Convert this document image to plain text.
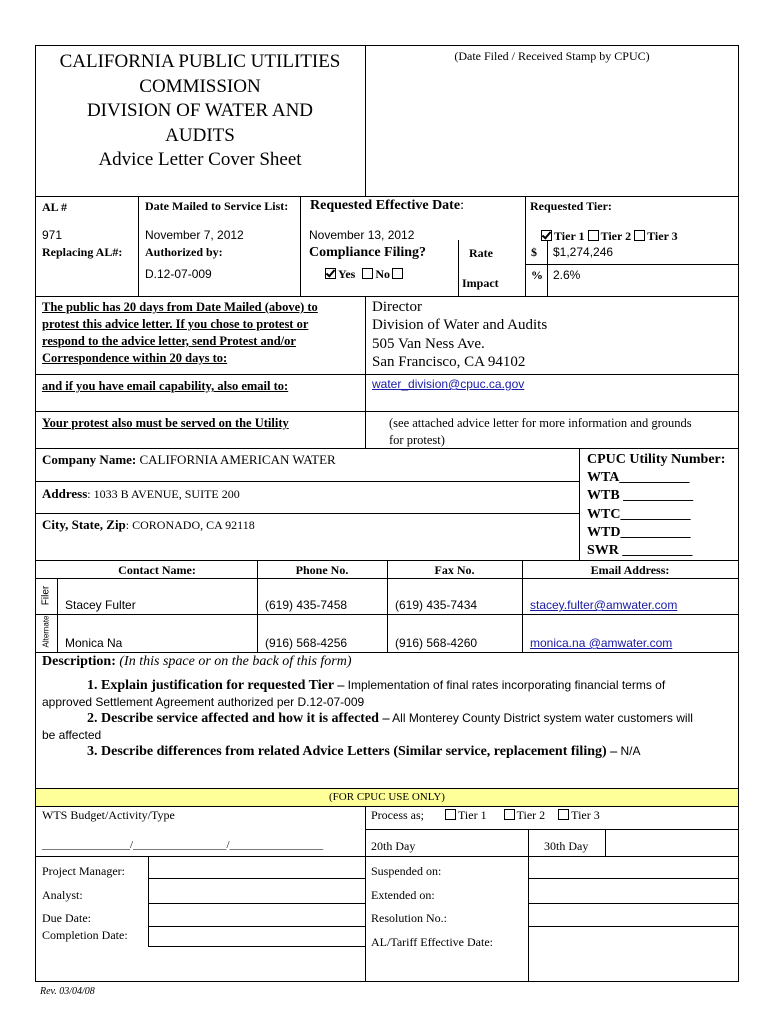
CALIFORNIA PUBLIC UTILITIES
COMMISSION
DIVISION OF WATER AND
AUDITS
Advice Letter Cover Sheet
(Date Filed / Received Stamp by CPUC)
AL #
971
Replacing AL#:
Date Mailed to Service List:
November 7, 2012
Authorized by:
D.12-07-009
Requested Effective Date:
November 13, 2012
Compliance Filing?
Yes No
Rate
Impact
Requested Tier:
Tier 1 Tier 2 Tier 3
$ $1,274,246
% 2.6%
The public has 20 days from Date Mailed (above) to
protest this advice letter. If you chose to protest or
respond to the advice letter, send Protest and/or
Correspondence within 20 days to:
Director
Division of Water and Audits
505 Van Ness Ave.
San Francisco, CA 94102
and if you have email capability, also email to:	water_division@cpuc.ca.gov
Your protest also must be served on the Utility	(see attached advice letter for more information and grounds
for protest)
Company Name: CALIFORNIA AMERICAN WATER
Address: 1033 B AVENUE, SUITE 200
City, State, Zip: CORONADO, CA 92118
CPUC Utility Number:
WTA__________
WTB __________
WTC__________
WTD__________
SWR __________
Contact Name:	Phone No.	Fax No.	Email Address:
Filer Stacey Fulter	(619) 435-7458	(619) 435-7434	stacey.fulter@amwater.com
Alternate Monica Na	(916) 568-4256	(916) 568-4260	monica.na @amwater.com
Description: (In this space or on the back of this form)
1. Explain justification for requested Tier – Implementation of final rates incorporating financial terms of
approved Settlement Agreement authorized per D.12-07-009
2. Describe service affected and how it is affected – All Monterey County District system water customers will
be affected
3. Describe differences from related Advice Letters (Similar service, replacement filing) – N/A
(FOR CPUC USE ONLY)
WTS Budget/Activity/Type	Process as;	Tier 1	Tier 2 Tier 3
________________/_________________/_________________	20th Day	30th Day
Project Manager:	Suspended on:
Analyst:	Extended on:
Due Date:	Resolution No.:
Completion Date:	AL/Tariff Effective Date:
Rev. 03/04/08
